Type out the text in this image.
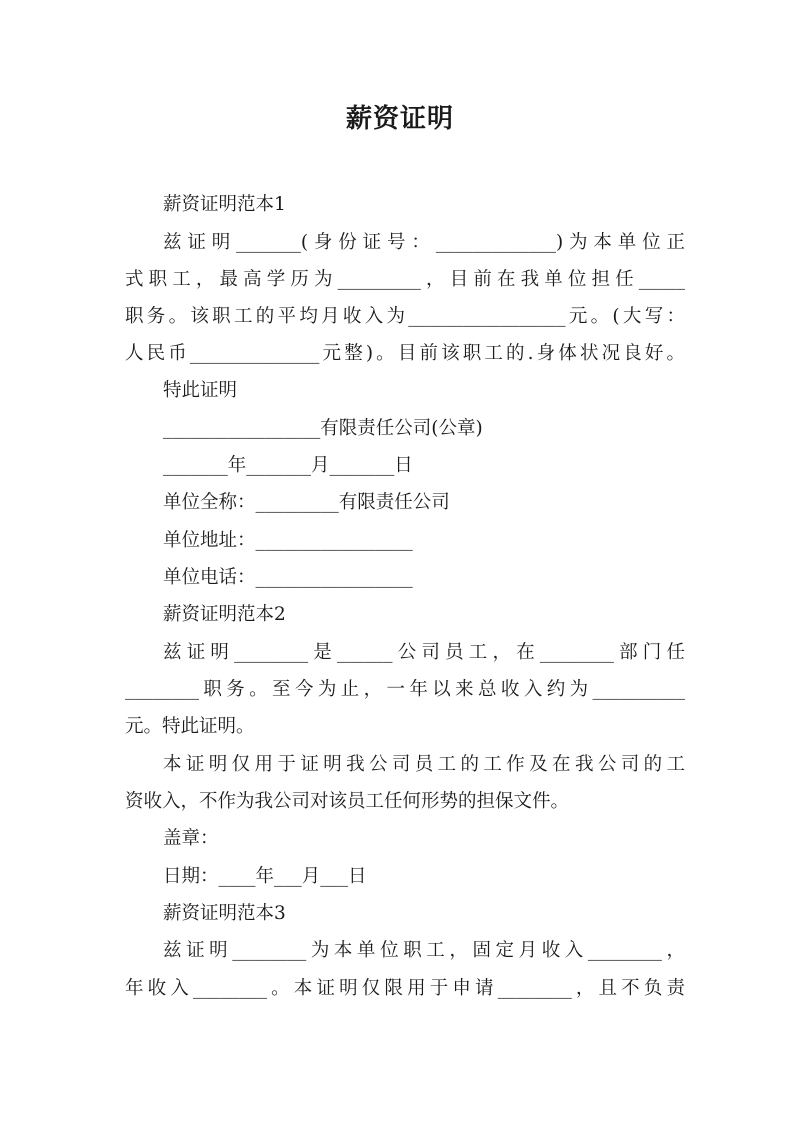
薪资证明

薪资证明范本1

兹证明_______(身份证号：_____________)为本单位正

式职工，最高学历为_________，目前在我单位担任_____

职务。该职工的平均月收入为_________________元。(大写：

人民币______________元整)。目前该职工的.身体状况良好。

特此证明

_________________有限责任公司(公章)

_______年_______月_______日

单位全称：_________有限责任公司

单位地址：_________________

单位电话：_________________

薪资证明范本2

兹证明________是______公司员工，在________部门任

________职务。至今为止，一年以来总收入约为__________

元。特此证明。

本证明仅用于证明我公司员工的工作及在我公司的工

资收入，不作为我公司对该员工任何形势的担保文件。

盖章：

日期：____年___月___日

薪资证明范本3

兹证明________为本单位职工，固定月收入________，

年收入________。本证明仅限用于申请________，且不负责
